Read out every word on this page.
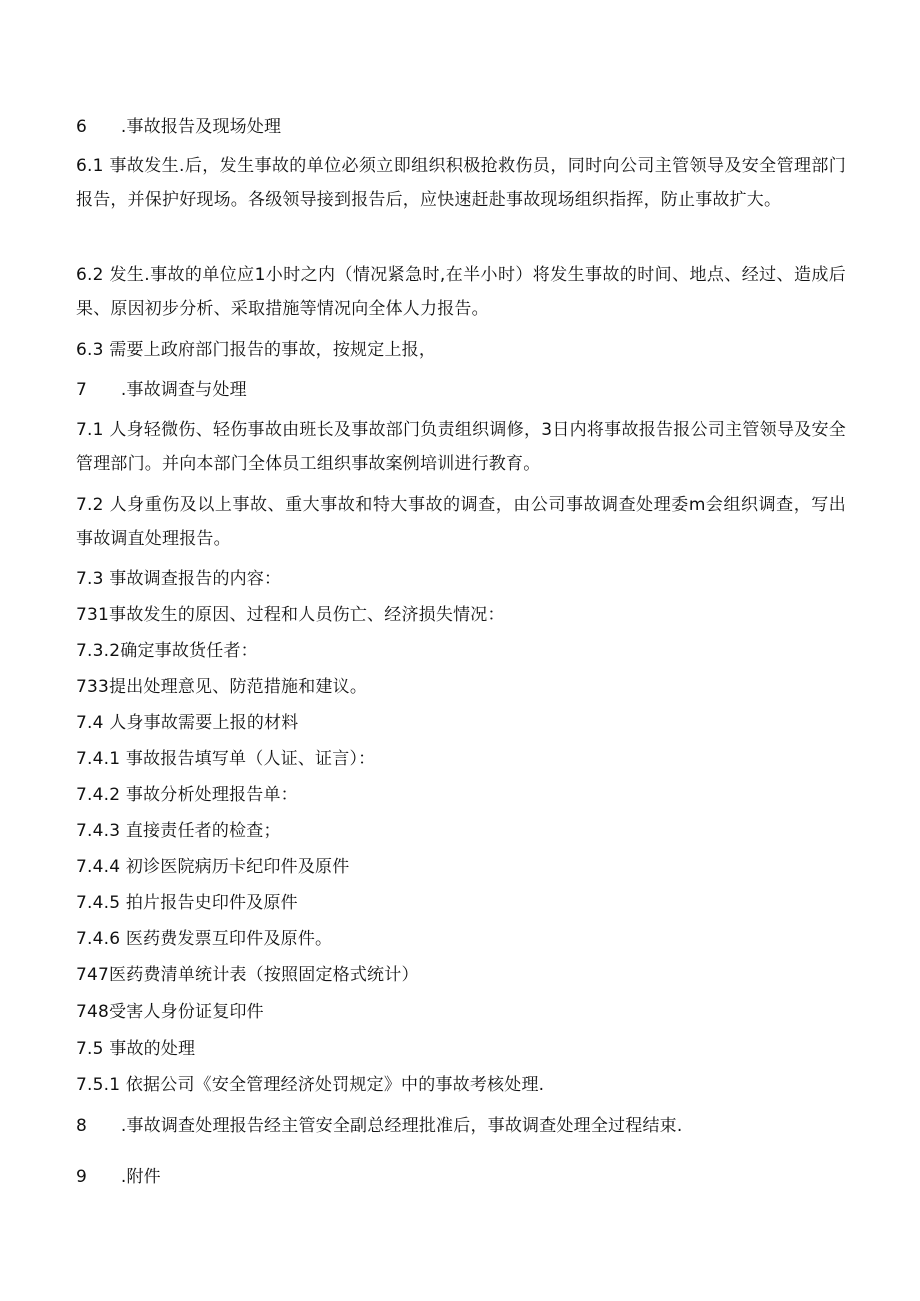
6	.事故报告及现场处理
6.1 事故发生.后，发生事故的单位必须立即组织积极抢救伤员，同时向公司主管领导及安全管理部门报告，并保护好现场。各级领导接到报告后，应快速赶赴事故现场组织指挥，防止事故扩大。
6.2 发生.事故的单位应1小时之内（情况紧急时,在半小时）将发生事故的时间、地点、经过、造成后果、原因初步分析、采取措施等情况向全体人力报告。
6.3 需要上政府部门报告的事故，按规定上报，
7	.事故调查与处理
7.1 人身轻微伤、轻伤事故由班长及事故部门负责组织调修，3日内将事故报告报公司主管领导及安全管理部门。并向本部门全体员工组织事故案例培训进行教育。
7.2 人身重伤及以上事故、重大事故和特大事故的调查，由公司事故调查处理委m会组织调查，写出事故调直处理报告。
7.3 事故调查报告的内容：
731事故发生的原因、过程和人员伤亡、经济损失情况：
7.3.2确定事故货任者：
733提出处理意见、防范措施和建议。
7.4 人身事故需要上报的材料
7.4.1 事故报告填写单（人证、证言）：
7.4.2 事故分析处理报告单：
7.4.3 直接责任者的检查；
7.4.4 初诊医院病历卡纪印件及原件
7.4.5 拍片报告史印件及原件
7.4.6 医药费发票互印件及原件。
747医药费清单统计表（按照固定格式统计）
748受害人身份证复印件
7.5 事故的处理
7.5.1 依据公司《安全管理经济处罚规定》中的事故考核处理.
8	.事故调查处理报告经主管安全副总经理批准后，事故调查处理全过程结束.
9	.附件
